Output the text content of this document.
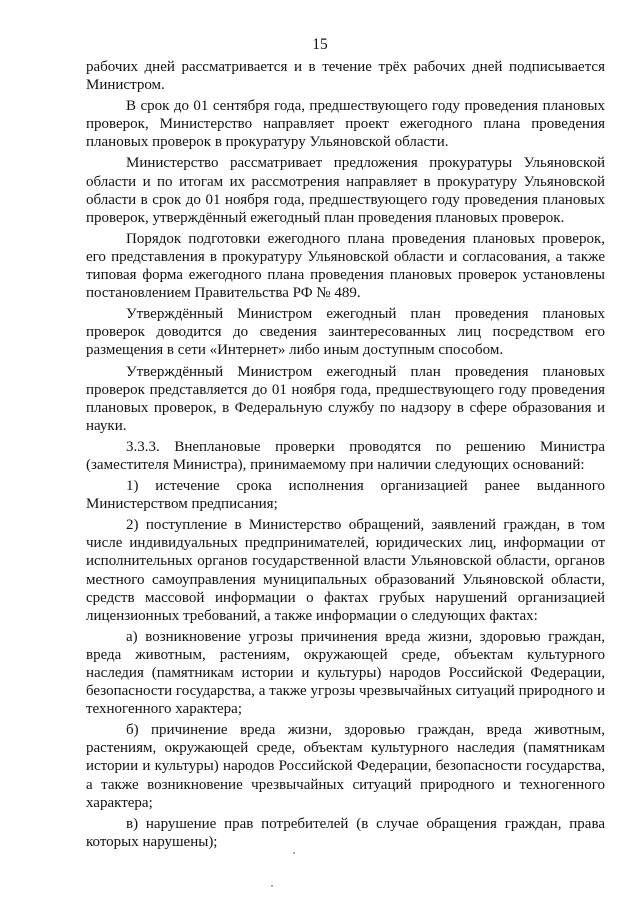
15

рабочих дней рассматривается и в течение трёх рабочих дней подписывается Министром.

В срок до 01 сентября года, предшествующего году проведения плановых проверок, Министерство направляет проект ежегодного плана проведения плановых проверок в прокуратуру Ульяновской области.

Министерство рассматривает предложения прокуратуры Ульяновской области и по итогам их рассмотрения направляет в прокуратуру Ульяновской области в срок до 01 ноября года, предшествующего году проведения плановых проверок, утверждённый ежегодный план проведения плановых проверок.

Порядок подготовки ежегодного плана проведения плановых проверок, его представления в прокуратуру Ульяновской области и согласования, а также типовая форма ежегодного плана проведения плановых проверок установлены постановлением Правительства РФ № 489.

Утверждённый Министром ежегодный план проведения плановых проверок доводится до сведения заинтересованных лиц посредством его размещения в сети «Интернет» либо иным доступным способом.

Утверждённый Министром ежегодный план проведения плановых проверок представляется до 01 ноября года, предшествующего году проведения плановых проверок, в Федеральную службу по надзору в сфере образования и науки.

3.3.3. Внеплановые проверки проводятся по решению Министра (заместителя Министра), принимаемому при наличии следующих оснований:

1) истечение срока исполнения организацией ранее выданного Министерством предписания;

2) поступление в Министерство обращений, заявлений граждан, в том числе индивидуальных предпринимателей, юридических лиц, информации от исполнительных органов государственной власти Ульяновской области, органов местного самоуправления муниципальных образований Ульяновской области, средств массовой информации о фактах грубых нарушений организацией лицензионных требований, а также информации о следующих фактах:

а) возникновение угрозы причинения вреда жизни, здоровью граждан, вреда животным, растениям, окружающей среде, объектам культурного наследия (памятникам истории и культуры) народов Российской Федерации, безопасности государства, а также угрозы чрезвычайных ситуаций природного и техногенного характера;

б) причинение вреда жизни, здоровью граждан, вреда животным, растениям, окружающей среде, объектам культурного наследия (памятникам истории и культуры) народов Российской Федерации, безопасности государства, а также возникновение чрезвычайных ситуаций природного и техногенного характера;

в) нарушение прав потребителей (в случае обращения граждан, права которых нарушены);
